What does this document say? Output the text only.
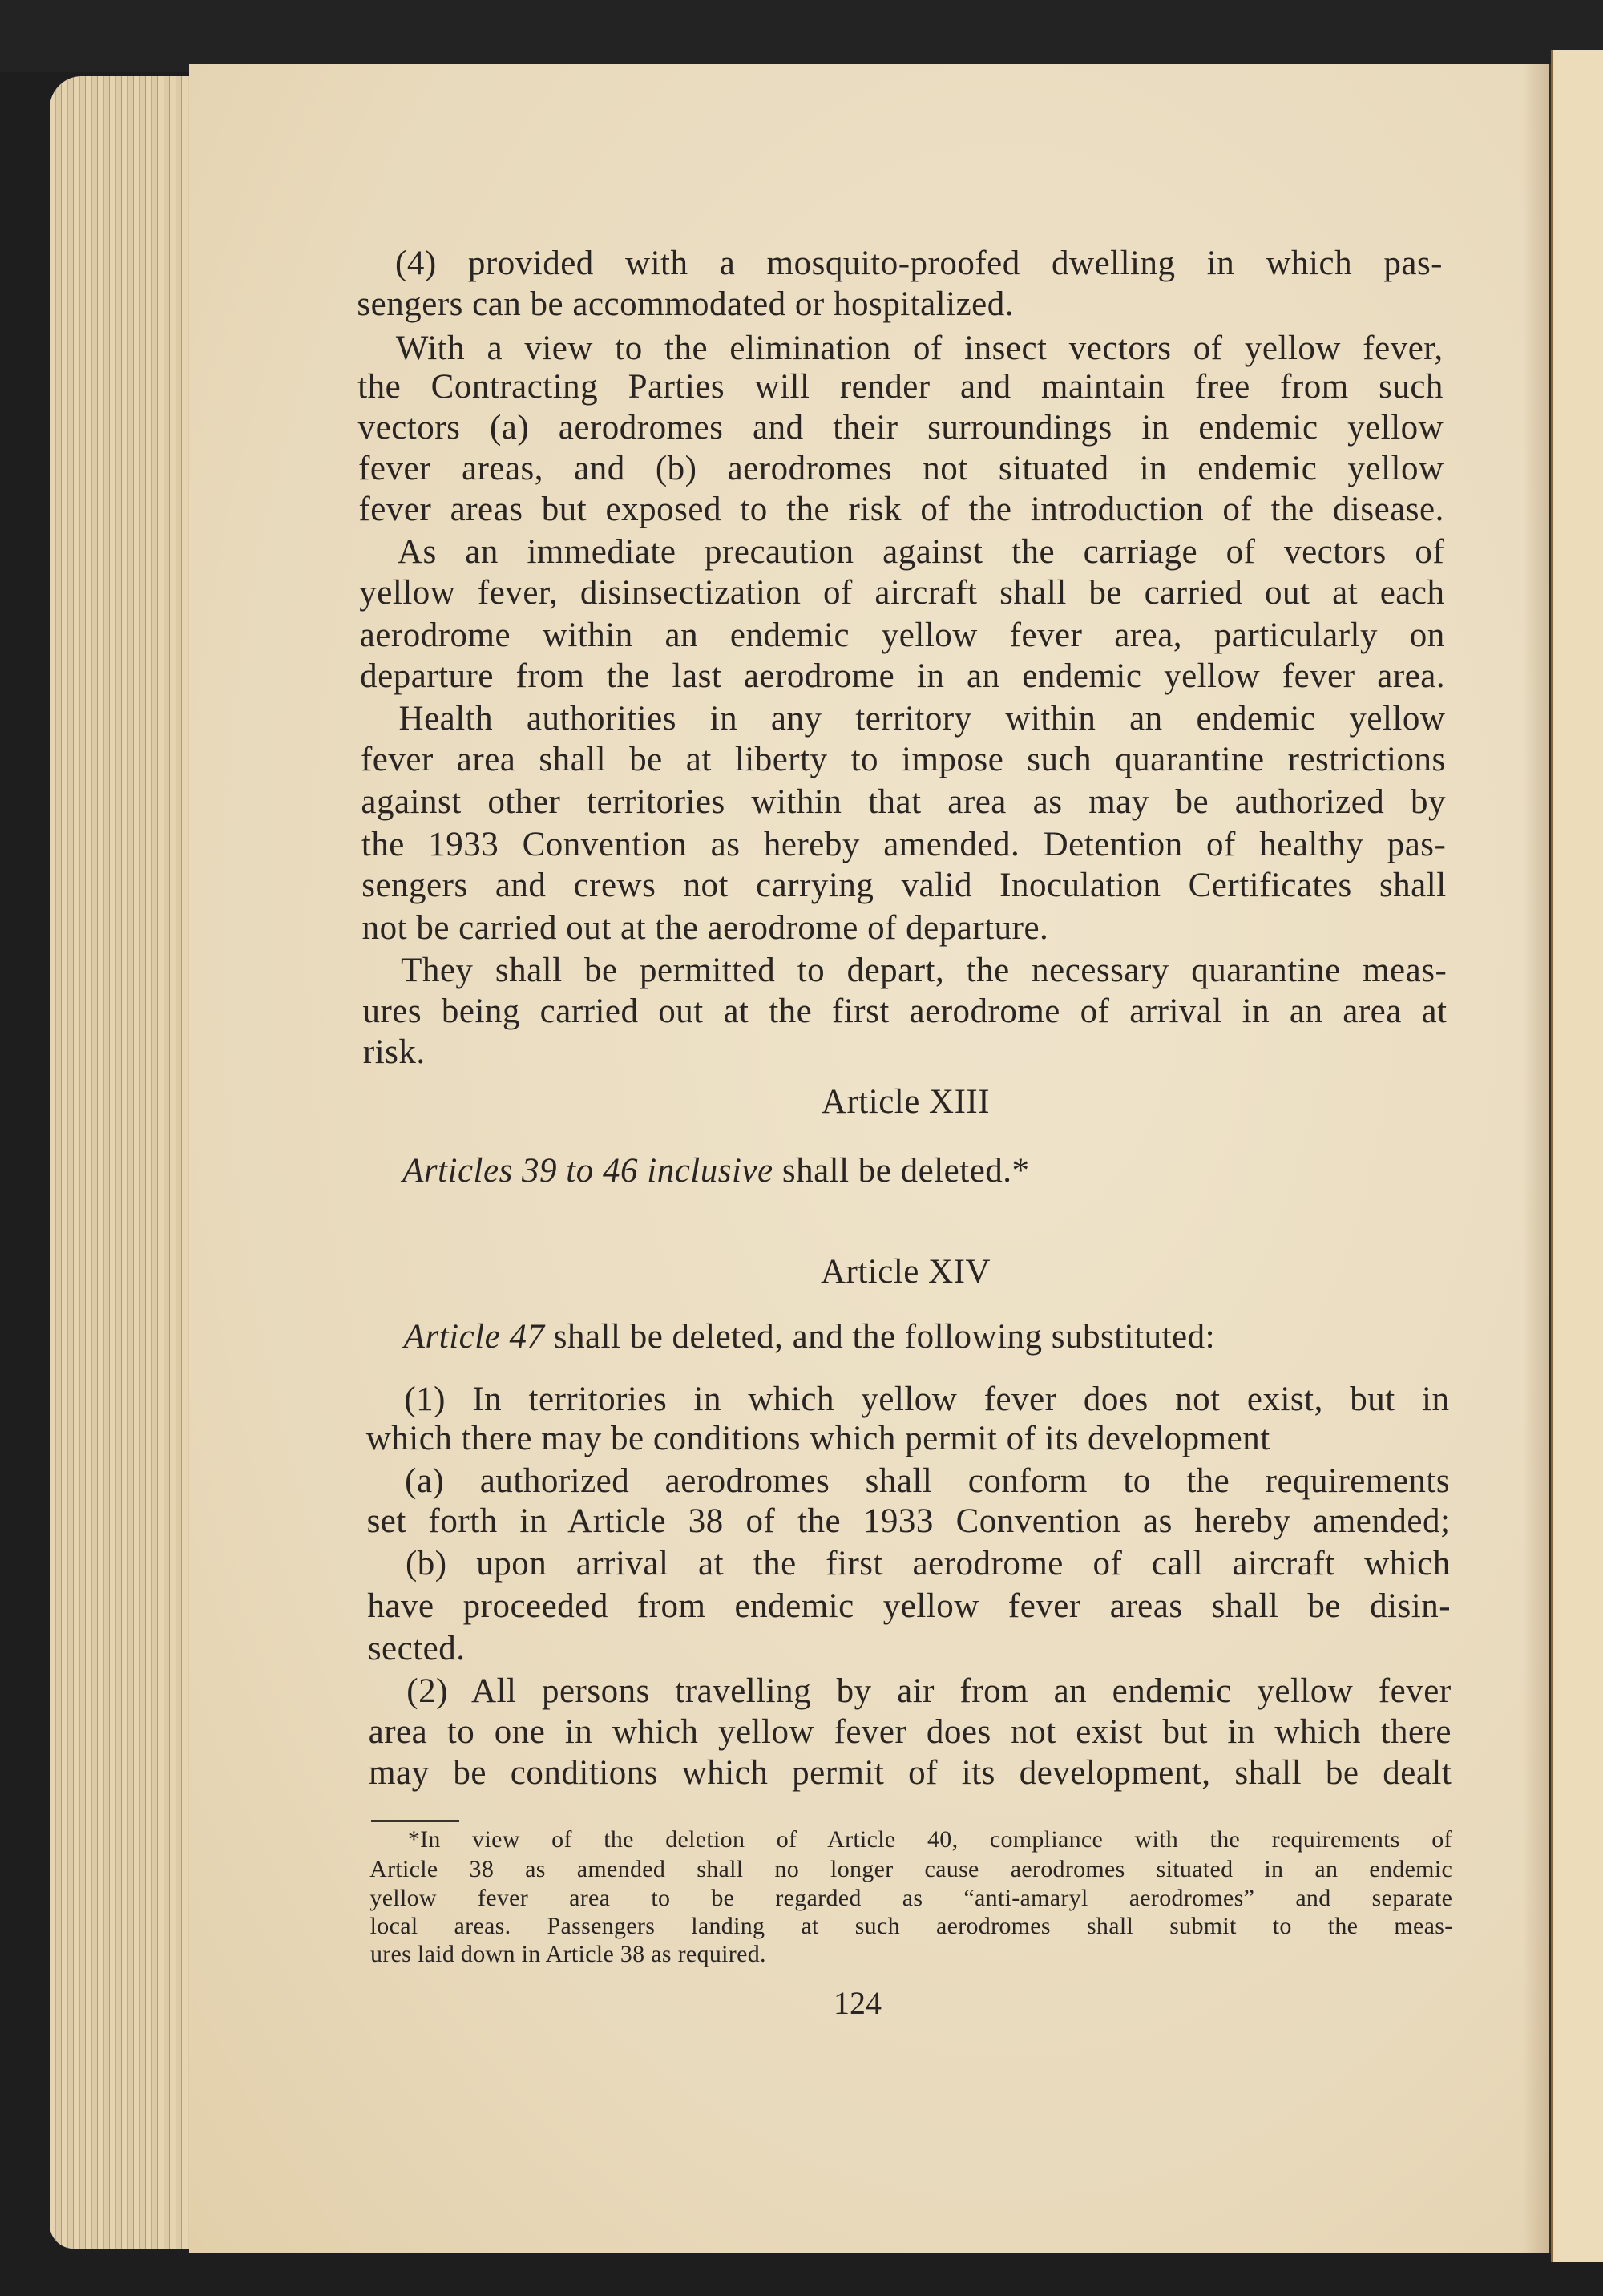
(4) provided with a mosquito-proofed dwelling in which pas-
sengers can be accommodated or hospitalized.
With a view to the elimination of insect vectors of yellow fever,
the Contracting Parties will render and maintain free from such
vectors (a) aerodromes and their surroundings in endemic yellow
fever areas, and (b) aerodromes not situated in endemic yellow
fever areas but exposed to the risk of the introduction of the disease.
As an immediate precaution against the carriage of vectors of
yellow fever, disinsectization of aircraft shall be carried out at each
aerodrome within an endemic yellow fever area, particularly on
departure from the last aerodrome in an endemic yellow fever area.
Health authorities in any territory within an endemic yellow
fever area shall be at liberty to impose such quarantine restrictions
against other territories within that area as may be authorized by
the 1933 Convention as hereby amended. Detention of healthy pas-
sengers and crews not carrying valid Inoculation Certificates shall
not be carried out at the aerodrome of departure.
They shall be permitted to depart, the necessary quarantine meas-
ures being carried out at the first aerodrome of arrival in an area at
risk.
Article XIII
Articles 39 to 46 inclusive shall be deleted.*
Article XIV
Article 47 shall be deleted, and the following substituted:
(1) In territories in which yellow fever does not exist, but in
which there may be conditions which permit of its development
(a) authorized aerodromes shall conform to the requirements
set forth in Article 38 of the 1933 Convention as hereby amended;
(b) upon arrival at the first aerodrome of call aircraft which
have proceeded from endemic yellow fever areas shall be disin-
sected.
(2) All persons travelling by air from an endemic yellow fever
area to one in which yellow fever does not exist but in which there
may be conditions which permit of its development, shall be dealt
*In view of the deletion of Article 40, compliance with the requirements of
Article 38 as amended shall no longer cause aerodromes situated in an endemic
yellow fever area to be regarded as “anti-amaryl aerodromes” and separate
local areas. Passengers landing at such aerodromes shall submit to the meas-
ures laid down in Article 38 as required.
124
